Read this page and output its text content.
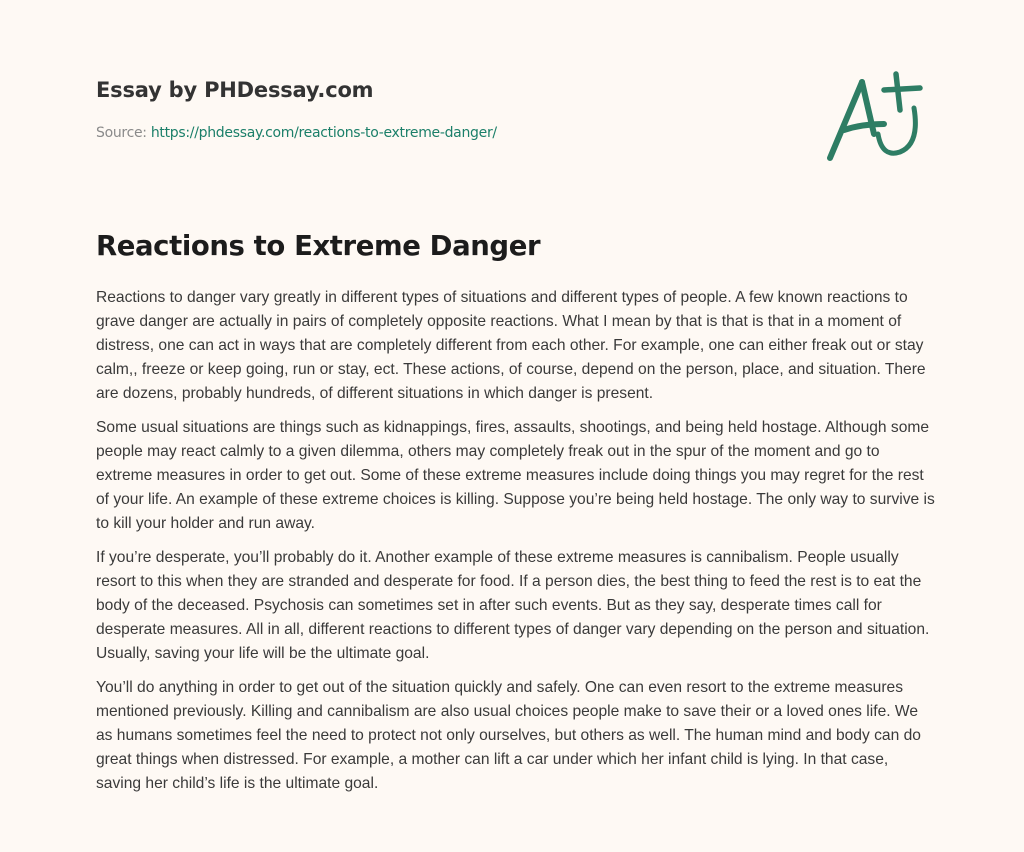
Essay by PHDessay.com
Source: https://phdessay.com/reactions-to-extreme-danger/
Reactions to Extreme Danger

Reactions to danger vary greatly in different types of situations and different types of people. A few known reactions to grave danger are actually in pairs of completely opposite reactions. What I mean by that is that is that in a moment of distress, one can act in ways that are completely different from each other. For example, one can either freak out or stay calm,, freeze or keep going, run or stay, ect. These actions, of course, depend on the person, place, and situation. There are dozens, probably hundreds, of different situations in which danger is present.

Some usual situations are things such as kidnappings, fires, assaults, shootings, and being held hostage. Although some people may react calmly to a given dilemma, others may completely freak out in the spur of the moment and go to extreme measures in order to get out. Some of these extreme measures include doing things you may regret for the rest of your life. An example of these extreme choices is killing. Suppose you’re being held hostage. The only way to survive is to kill your holder and run away.

If you’re desperate, you’ll probably do it. Another example of these extreme measures is cannibalism. People usually resort to this when they are stranded and desperate for food. If a person dies, the best thing to feed the rest is to eat the body of the deceased. Psychosis can sometimes set in after such events. But as they say, desperate times call for desperate measures. All in all, different reactions to different types of danger vary depending on the person and situation. Usually, saving your life will be the ultimate goal.

You’ll do anything in order to get out of the situation quickly and safely. One can even resort to the extreme measures mentioned previously. Killing and cannibalism are also usual choices people make to save their or a loved ones life. We as humans sometimes feel the need to protect not only ourselves, but others as well. The human mind and body can do great things when distressed. For example, a mother can lift a car under which her infant child is lying. In that case, saving her child’s life is the ultimate goal.
